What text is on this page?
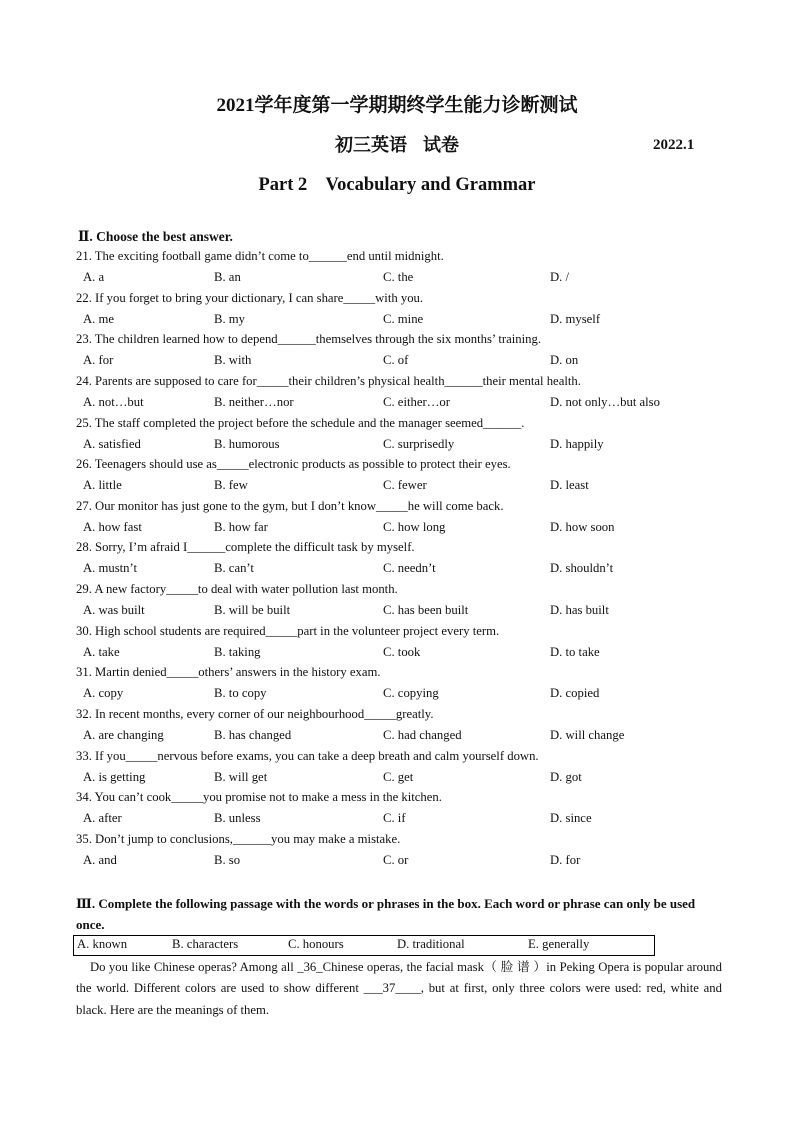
2021学年度第一学期期终学生能力诊断测试
初三英语 试卷	2022.1
Part 2    Vocabulary and Grammar
Ⅱ. Choose the best answer.
21. The exciting football game didn’t come to______end until midnight.
A. a	B. an	C. the	D. /
22. If you forget to bring your dictionary, I can share_____with you.
A. me	B. my	C. mine	D. myself
23. The children learned how to depend______themselves through the six months’ training.
A. for	B. with	C. of	D. on
24. Parents are supposed to care for_____their children’s physical health______their mental health.
A. not…but	B. neither…nor	C. either…or	D. not only…but also
25. The staff completed the project before the schedule and the manager seemed______.
A. satisfied	B. humorous	C. surprisedly	D. happily
26. Teenagers should use as_____electronic products as possible to protect their eyes.
A. little	B. few	C. fewer	D. least
27. Our monitor has just gone to the gym, but I don’t know_____he will come back.
A. how fast	B. how far	C. how long	D. how soon
28. Sorry, I’m afraid I______complete the difficult task by myself.
A. mustn’t	B. can’t	C. needn’t	D. shouldn’t
29. A new factory_____to deal with water pollution last month.
A. was built	B. will be built	C. has been built	D. has built
30. High school students are required_____part in the volunteer project every term.
A. take	B. taking	C. took	D. to take
31. Martin denied_____others’ answers in the history exam.
A. copy	B. to copy	C. copying	D. copied
32. In recent months, every corner of our neighbourhood_____greatly.
A. are changing	B. has changed	C. had changed	D. will change
33. If you_____nervous before exams, you can take a deep breath and calm yourself down.
A. is getting	B. will get	C. get	D. got
34. You can’t cook_____you promise not to make a mess in the kitchen.
A. after	B. unless	C. if	D. since
35. Don’t jump to conclusions,______you may make a mistake.
A. and	B. so	C. or	D. for
Ⅲ. Complete the following passage with the words or phrases in the box. Each word or phrase can only be used once.
A. known	B. characters	C. honours	D. traditional	E. generally
Do you like Chinese operas? Among all _36_Chinese operas, the facial mask（ 脸 谱 ）in Peking Opera is popular around the world. Different colors are used to show different ___37____, but at first, only three colors were used: red, white and black. Here are the meanings of them.
